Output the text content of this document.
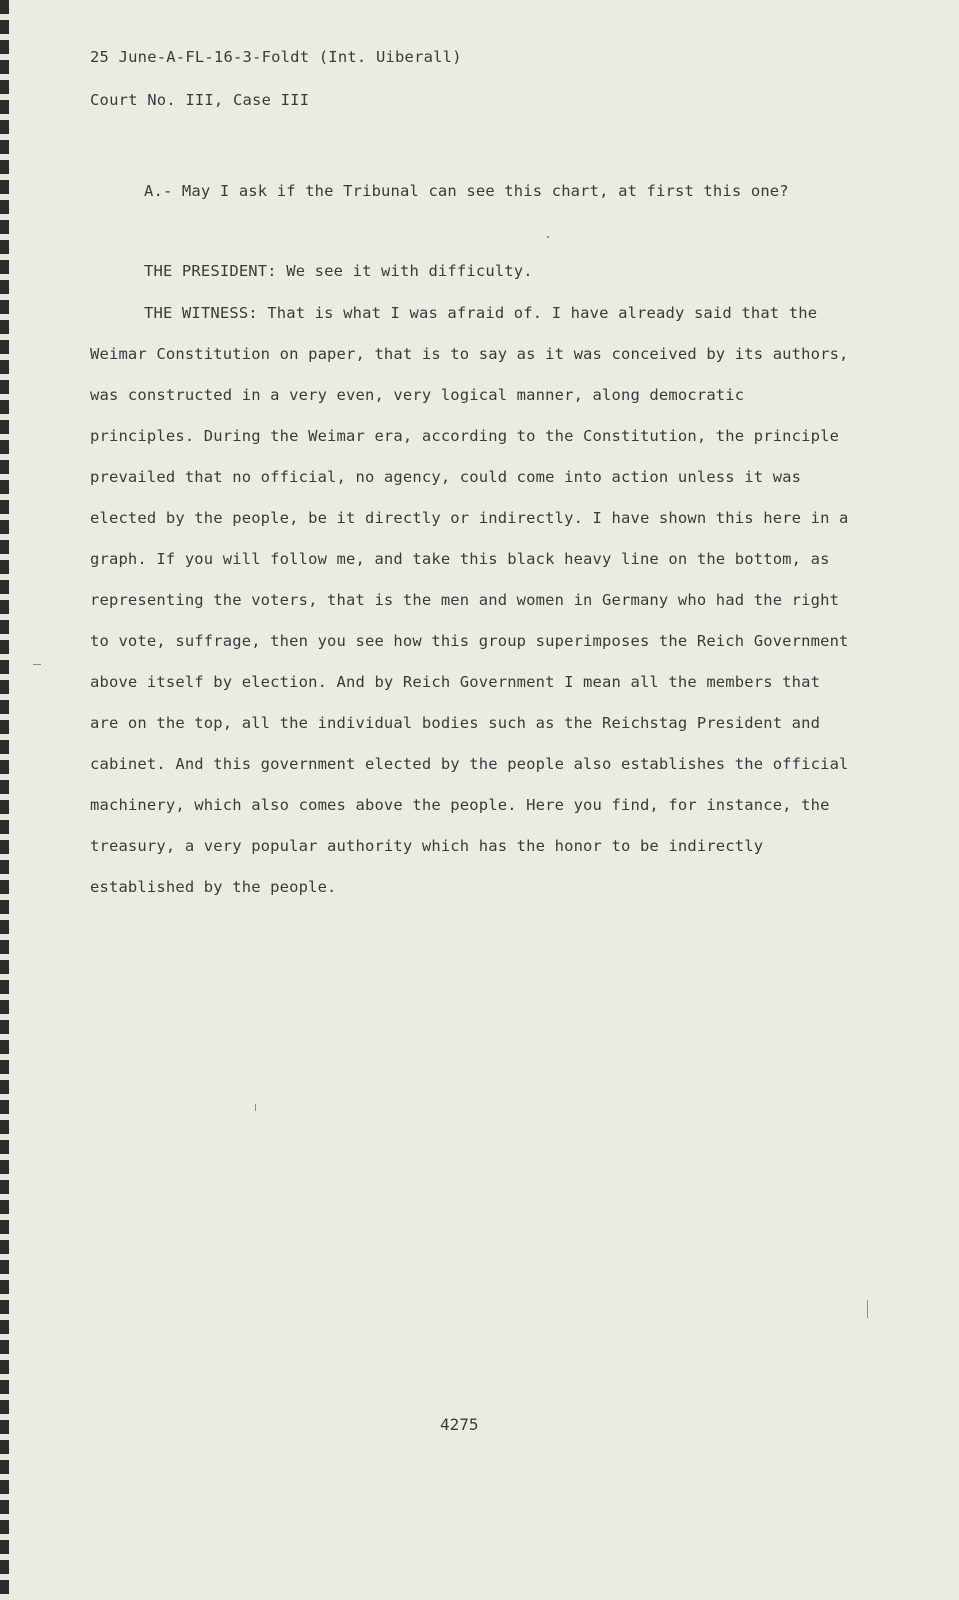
25 June-A-FL-16-3-Foldt (Int. Uiberall)
Court No. III, Case III

A.- May I ask if the Tribunal can see this chart, at first this one?

THE PRESIDENT: We see it with difficulty.

THE WITNESS: That is what I was afraid of. I have already said that the Weimar Constitution on paper, that is to say as it was conceived by its authors, was constructed in a very even, very logical manner, along democratic principles. During the Weimar era, according to the Constitution, the principle prevailed that no official, no agency, could come into action unless it was elected by the people, be it directly or indirectly. I have shown this here in a graph. If you will follow me, and take this black heavy line on the bottom, as representing the voters, that is the men and women in Germany who had the right to vote, suffrage, then you see how this group superimposes the Reich Government above itself by election. And by Reich Government I mean all the members that are on the top, all the individual bodies such as the Reichstag President and cabinet. And this government elected by the people also establishes the official machinery, which also comes above the people. Here you find, for instance, the treasury, a very popular authority which has the honor to be indirectly established by the people.

4275
